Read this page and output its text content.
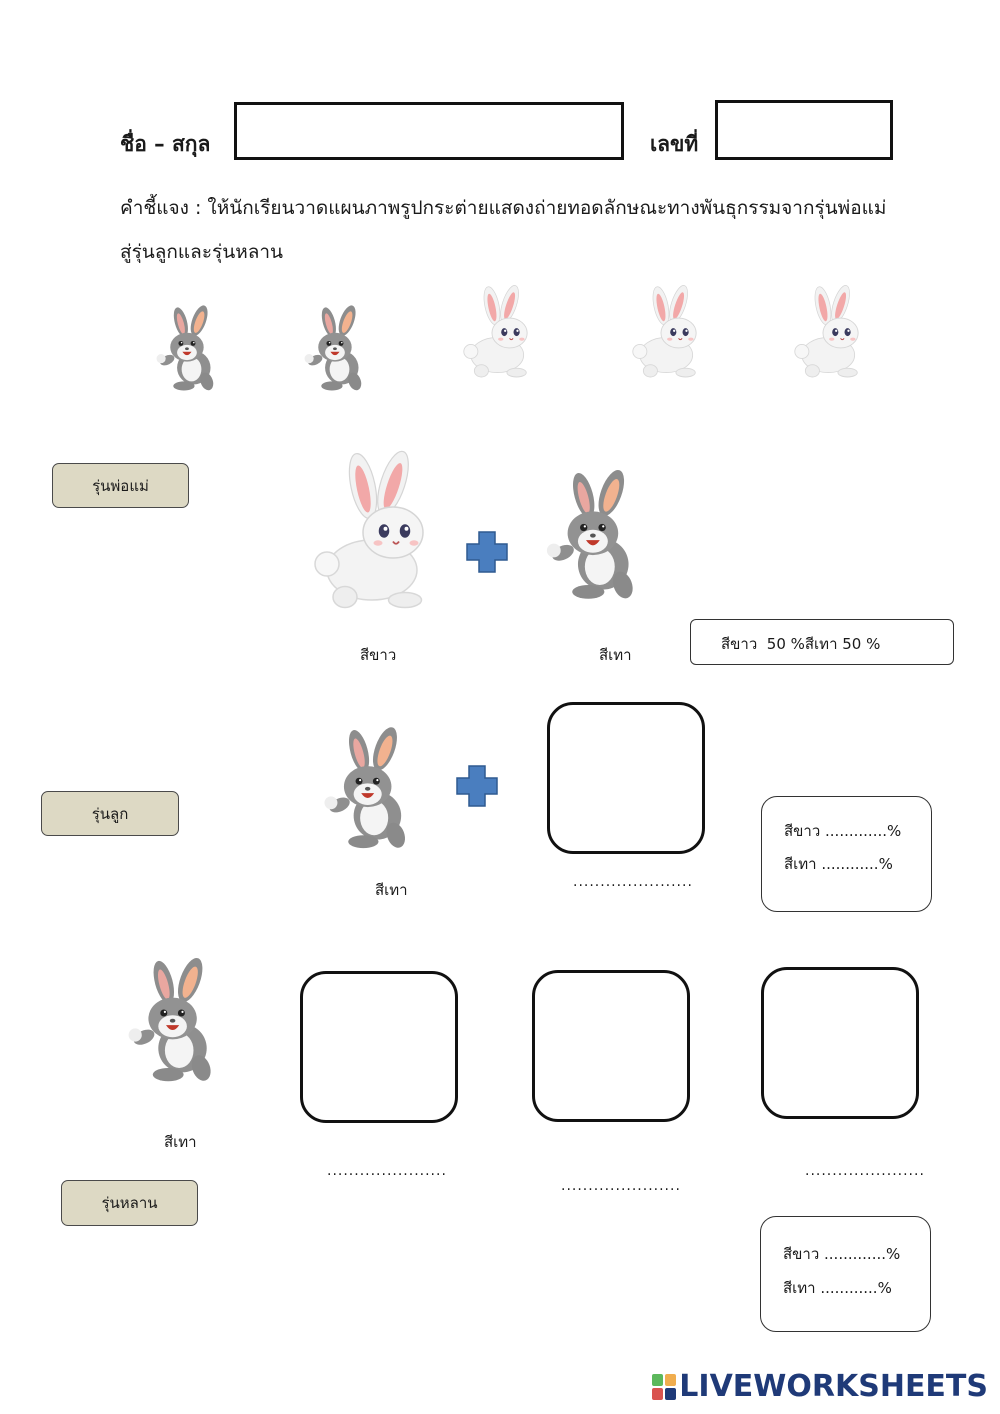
ชื่อ – สกุล	เลขที่
คำชี้แจง : ให้นักเรียนวาดแผนภาพรูปกระต่ายแสดงถ่ายทอดลักษณะทางพันธุกรรมจากรุ่นพ่อแม่
สู่รุ่นลูกและรุ่นหลาน
รุ่นพ่อแม่
รุ่นลูก
รุ่นหลาน
สีขาว	สีเทา
สีขาว  50 %สีเทา 50 %
สีเทา	......................
สีขาว .............%
สีเทา ............%
สีเทา
......................
......................
......................
สีขาว .............%
สีเทา ............%
LIVEWORKSHEETS
